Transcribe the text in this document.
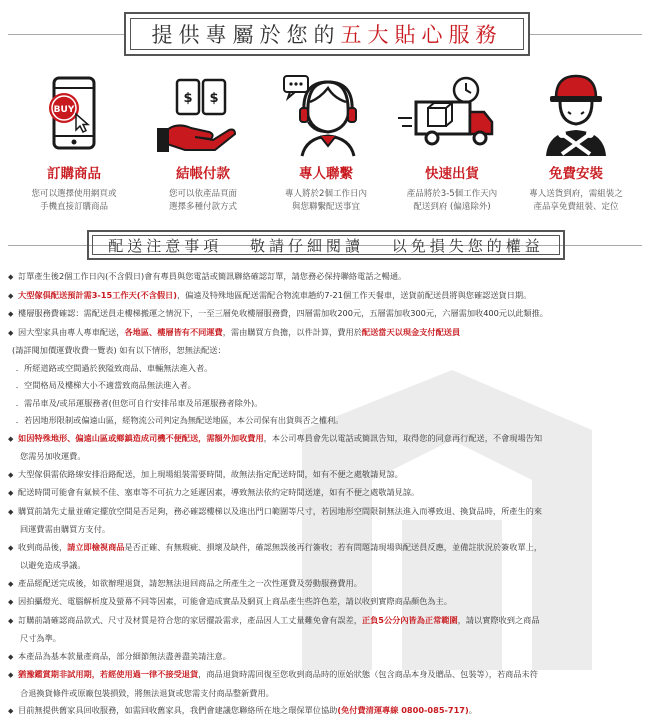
提供專屬於您的 五大貼心服務
BUY
訂購商品
您可以選擇使用網頁或
手機直接訂購商品
$ $
結帳付款
您可以依產品頁面
選擇多種付款方式
專人聯繫
專人將於2個工作日內
與您聯繫配送事宜
快速出貨
產品將於3-5個工作天內
配送到府 (偏遠除外)
免費安裝
專人送貨到府，需組裝之
產品享免費組裝、定位
配送注意事項　 敬請仔細閱讀　 以免損失您的權益
◆ 訂單產生後2個工作日內(不含假日)會有專員與您電話或簡訊聯絡確認訂單，請您務必保持聯絡電話之暢通。
◆ 大型傢俱配送預計需3-15工作天(不含假日)，偏遠及特殊地區配送需配合物流車趟約7-21個工作天餐車，送貨前配送員將與您確認送貨日期。
◆ 樓層服務費確認：需配送員走樓梯搬運之情況下，一至三層免收樓層服務費，四層需加收200元，五層需加收300元，六層需加收400元以此類推。
◆ 因大型家具由專人專車配送，各地區、樓層皆有不同運費，需由購買方負擔，以件計算，費用於配送當天以現金支付配送員
(請詳閱加價運費收費一覽表) 如有以下情形，恕無法配送：
．所經道路或空間過於狹隘致商品、車輛無法進入者。
．空間格局及樓梯大小不適當致商品無法進入者。
．需吊車及/或吊運服務者(但您可自行安排吊車及吊運服務者除外)。
．若因地形限制或偏遠山區，經物流公司判定為無配送地區，本公司保有出貨與否之權利。
◆ 如因特殊地形、偏遠山區或鄉鎮造成司機不便配送，需額外加收費用，本公司專員會先以電話或簡訊告知，取得您的同意再行配送，不會現場告知
您需另加收運費。
◆ 大型傢俱需依路線安排沿路配送，加上現場組裝需要時間，故無法指定配送時間，如有不便之處敬請見諒。
◆ 配送時間可能會有氣候不佳、塞車等不可抗力之延遲因素，導致無法依約定時間送達，如有不便之處敬請見諒。
◆ 購買前請先丈量並確定擺放空間是否足夠，務必確認樓梯以及進出門口範圍等尺寸，若因地形空間限制無法進入而導致退、換貨品時，所產生的來
回運費需由購買方支付。
◆ 收到商品後，請立即檢視商品是否正確、有無瑕疵、損壞及缺件，確認無誤後再行簽收；若有問題請現場與配送員反應，並備註狀況於簽收單上，
以避免造成爭議。
◆ 產品經配送完成後，如欲辦理退貨，請恕無法退回商品之所產生之一次性運費及勞動服務費用。
◆ 因拍攝燈光、電腦解析度及螢幕不同等因素，可能會造成實品及網頁上商品產生些許色差，請以收到實際商品顏色為主。
◆ 訂購前請確認商品款式、尺寸及材質是符合您的家居擺設需求，產品因人工丈量難免會有誤差，正負5公分內皆為正常範圍，請以實際收到之商品
尺寸為準。
◆ 本產品為基本款量產商品，部分細節無法盡善盡美請注意。
◆ 猶豫鑑賞期非試用期，若經使用過一律不接受退貨，商品退貨時需回復至您收到商品時的原始狀態（包含商品本身及贈品、包裝等），若商品未符
合退換貨條件或原廠包裝損毀，將無法退貨或您需支付商品整新費用。
◆ 目前無提供舊家具回收服務，如需回收舊家具，我們會建議您聯絡所在地之環保單位協助(免付費清運專線 0800-085-717)。
